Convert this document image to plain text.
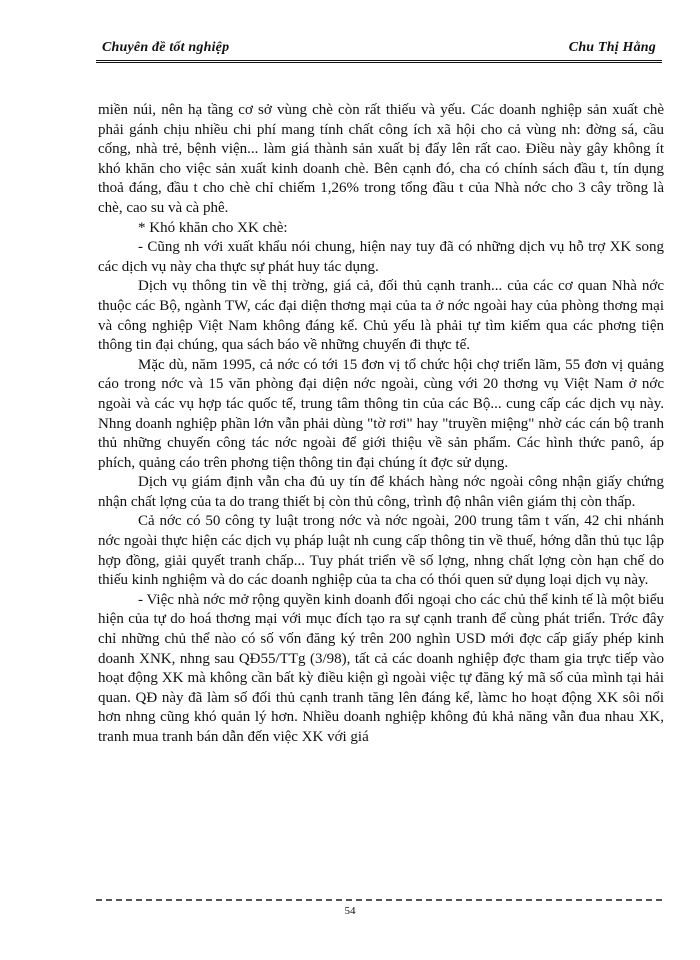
Chuyên đề tốt nghiệp	Chu Thị Hằng

miền núi, nên hạ tầng cơ sở vùng chè còn rất thiếu và yếu. Các doanh nghiệp sản xuất chè phải gánh chịu nhiều chi phí mang tính chất công ích xã hội cho cả vùng nh: đờng sá, cầu cống, nhà trẻ, bệnh viện... làm giá thành sản xuất bị đẩy lên rất cao. Điều này gây không ít khó khăn cho việc sản xuất kinh doanh chè. Bên cạnh đó, cha có chính sách đầu t, tín dụng thoả đáng, đầu t cho chè chỉ chiếm 1,26% trong tổng đầu t của Nhà nớc cho 3 cây trồng là chè, cao su và cà phê.

* Khó khăn cho XK chè:

- Cũng nh với xuất khẩu nói chung, hiện nay tuy đã có những dịch vụ hỗ trợ XK song các dịch vụ này cha thực sự phát huy tác dụng.

Dịch vụ thông tin về thị trờng, giá cả, đối thủ cạnh tranh... của các cơ quan Nhà nớc thuộc các Bộ, ngành TW, các đại diện thơng mại của ta ở nớc ngoài hay của phòng thơng mại và công nghiệp Việt Nam không đáng kể. Chủ yếu là phải tự tìm kiếm qua các phơng tiện thông tin đại chúng, qua sách báo về những chuyến đi thực tế.

Mặc dù, năm 1995, cả nớc có tới 15 đơn vị tổ chức hội chợ triển lãm, 55 đơn vị quảng cáo trong nớc và 15 văn phòng đại diện nớc ngoài, cùng với 20 thơng vụ Việt Nam ở nớc ngoài và các vụ hợp tác quốc tế, trung tâm thông tin của các Bộ... cung cấp các dịch vụ này. Nhng doanh nghiệp phần lớn vẫn phải dùng "tờ rơi" hay "truyền miệng" nhờ các cán bộ tranh thủ những chuyến công tác nớc ngoài để giới thiệu về sản phẩm. Các hình thức panô, áp phích, quảng cáo trên phơng tiện thông tin đại chúng ít đợc sử dụng.

Dịch vụ giám định vẫn cha đủ uy tín để khách hàng nớc ngoài công nhận giấy chứng nhận chất lợng của ta do trang thiết bị còn thủ công, trình độ nhân viên giám thị còn thấp.

Cả nớc có 50 công ty luật trong nớc và nớc ngoài, 200 trung tâm t vấn, 42 chi nhánh nớc ngoài thực hiện các dịch vụ pháp luật nh cung cấp thông tin về thuế, hớng dẫn thủ tục lập hợp đồng, giải quyết tranh chấp... Tuy phát triển về số lợng, nhng chất lợng còn hạn chế do thiếu kinh nghiệm và do các doanh nghiệp của ta cha có thói quen sử dụng loại dịch vụ này.

- Việc nhà nớc mở rộng quyền kinh doanh đối ngoại cho các chủ thể kinh tế là một biểu hiện của tự do hoá thơng mại với mục đích tạo ra sự cạnh tranh để cùng phát triển. Trớc đây chỉ những chủ thể nào có số vốn đăng ký trên 200 nghìn USD mới đợc cấp giấy phép kinh doanh XNK, nhng sau QĐ55/TTg (3/98), tất cả các doanh nghiệp đợc tham gia trực tiếp vào hoạt động XK mà không cần bất kỳ điều kiện gì ngoài việc tự đăng ký mã số của mình tại hải quan. QĐ này đã làm số đối thủ cạnh tranh tăng lên đáng kể, làmc ho hoạt động XK sôi nổi hơn nhng cũng khó quản lý hơn. Nhiều doanh nghiệp không đủ khả năng vẫn đua nhau XK, tranh mua tranh bán dẫn đến việc XK với giá

54
